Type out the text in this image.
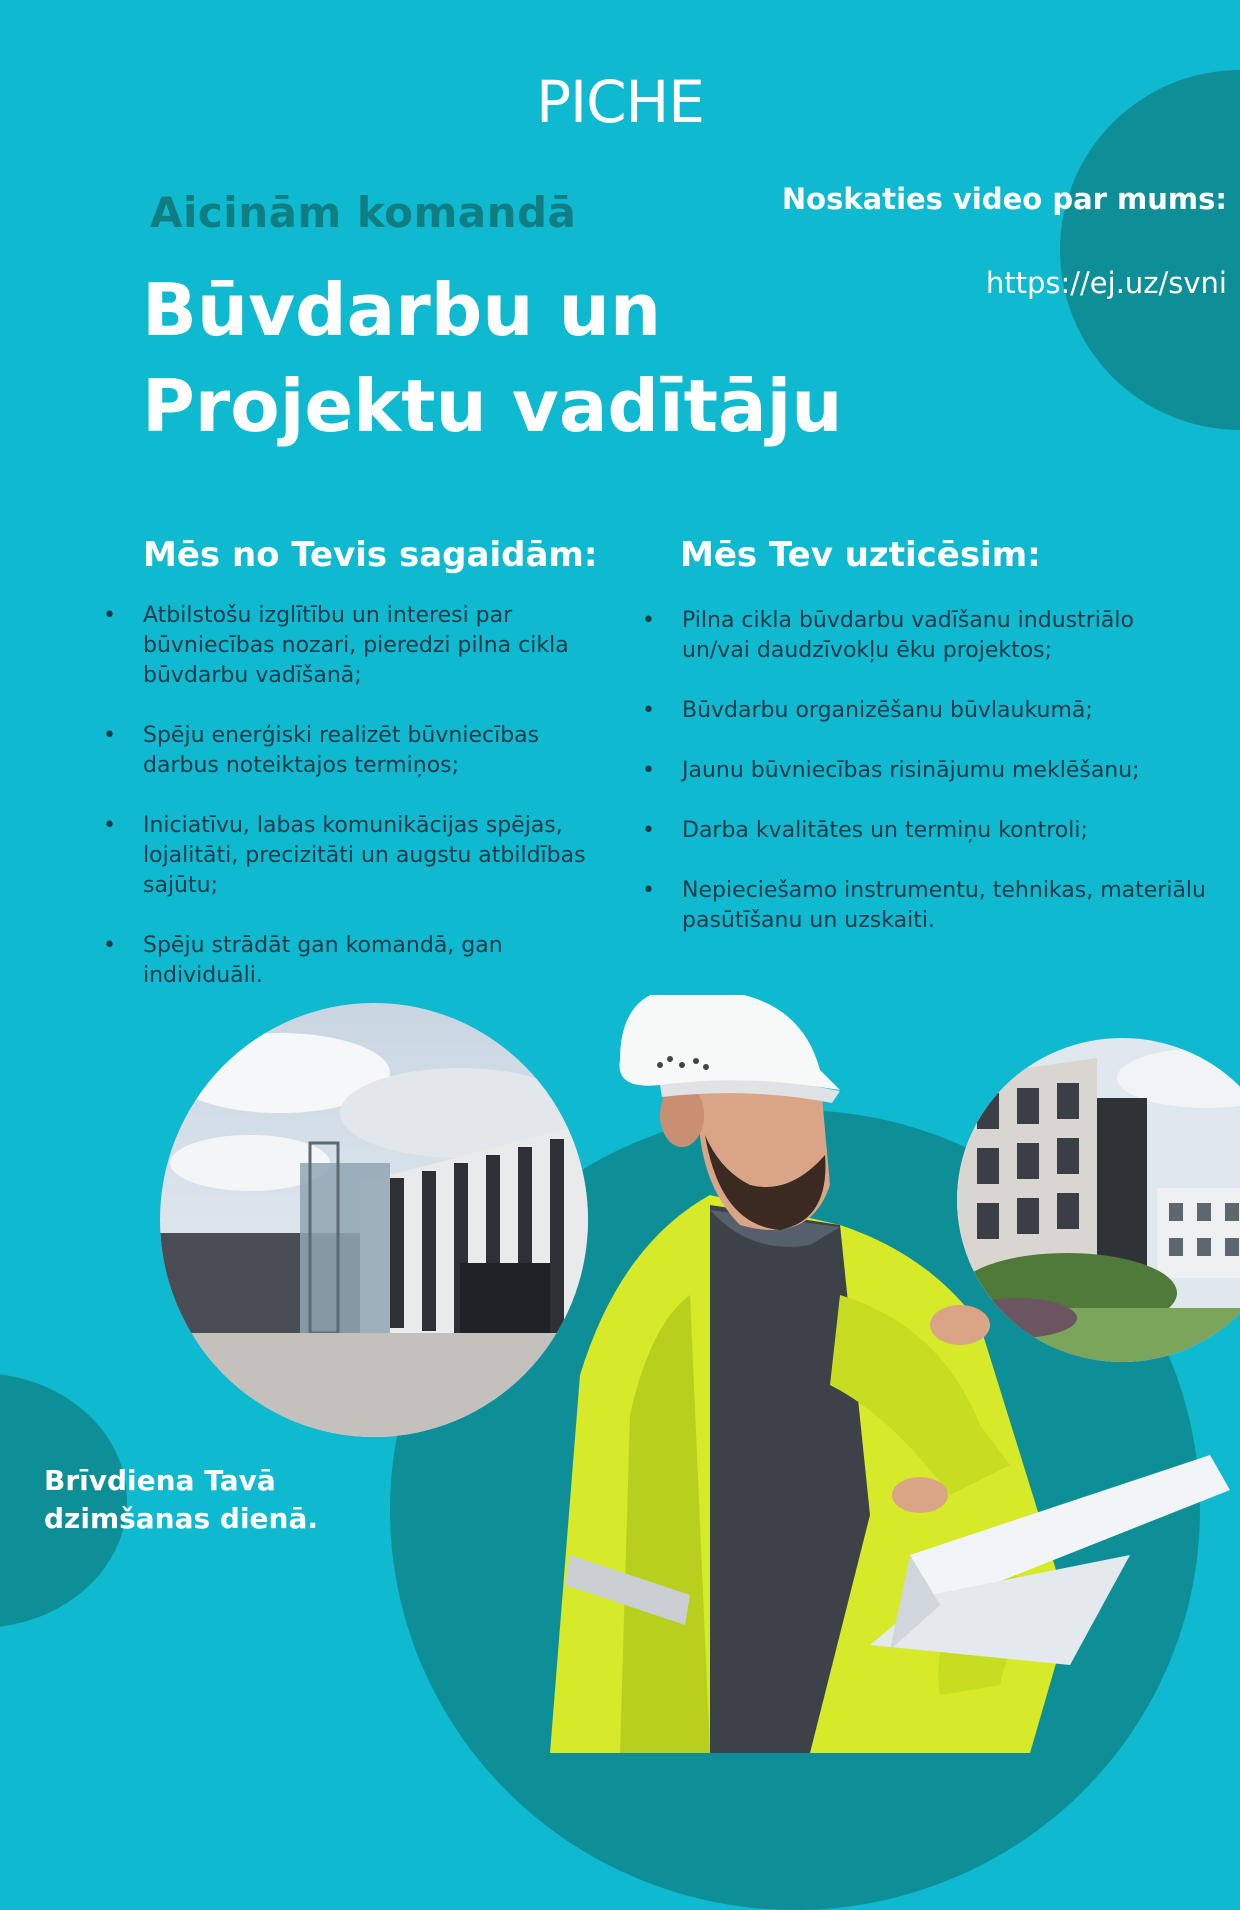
PICHE

Aicinām komandā	Noskaties video par mums:

https://ej.uz/svni
Būvdarbu un
Projektu vadītāju
Mēs no Tevis sagaidām: Mēs Tev uzticēsim:
• Atbilstošu izglītību un interesi par būvniecības nozari, pieredzi pilna cikla būvdarbu vadīšanā;
• Spēju enerģiski realizēt būvniecības darbus noteiktajos termiņos;
• Iniciatīvu, labas komunikācijas spējas, lojalitāti, precizitāti un augstu atbildības sajūtu;
• Spēju strādāt gan komandā, gan individuāli.
• Pilna cikla būvdarbu vadīšanu industriālo un/vai daudzīvokļu ēku projektos;
• Būvdarbu organizēšanu būvlaukumā;
• Jaunu būvniecības risinājumu meklēšanu;
• Darba kvalitātes un termiņu kontroli;
• Nepieciešamo instrumentu, tehnikas, materiālu pasūtīšanu un uzskaiti.

Brīvdiena Tavā
dzimšanas dienā.
